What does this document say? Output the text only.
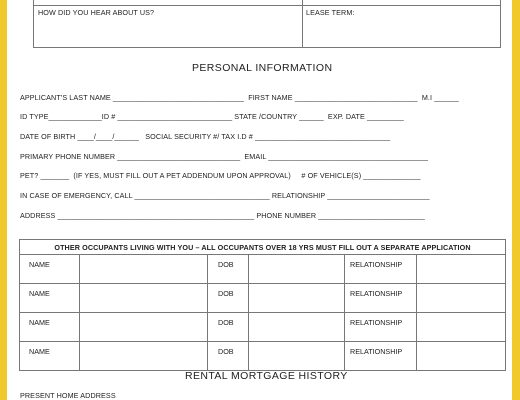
HOW DID YOU HEAR ABOUT US?	LEASE TERM:
PERSONAL INFORMATION
APPLICANT'S LAST NAME ________________________________  FIRST NAME ______________________________  M.I ______
ID TYPE_____________ID # ____________________________ STATE /COUNTRY ______  EXP. DATE _________
DATE OF BIRTH ____/____/______   SOCIAL SECURITY #/ TAX I.D # _________________________________
PRIMARY PHONE NUMBER ______________________________  EMAIL _______________________________________
PET? _______  (IF YES, MUST FILL OUT A PET ADDENDUM UPON APPROVAL)     # OF VEHICLE(S) ______________
IN CASE OF EMERGENCY, CALL _________________________________ RELATIONSHIP _________________________
ADDRESS ________________________________________________ PHONE NUMBER __________________________
OTHER OCCUPANTS LIVING WITH YOU – ALL OCCUPANTS OVER 18 YRS MUST FILL OUT A SEPARATE APPLICATION					
NAME		DOB		RELATIONSHIP	
NAME		DOB		RELATIONSHIP	
NAME		DOB		RELATIONSHIP	
NAME		DOB		RELATIONSHIP	
RENTAL MORTGAGE HISTORY
PRESENT HOME ADDRESS
